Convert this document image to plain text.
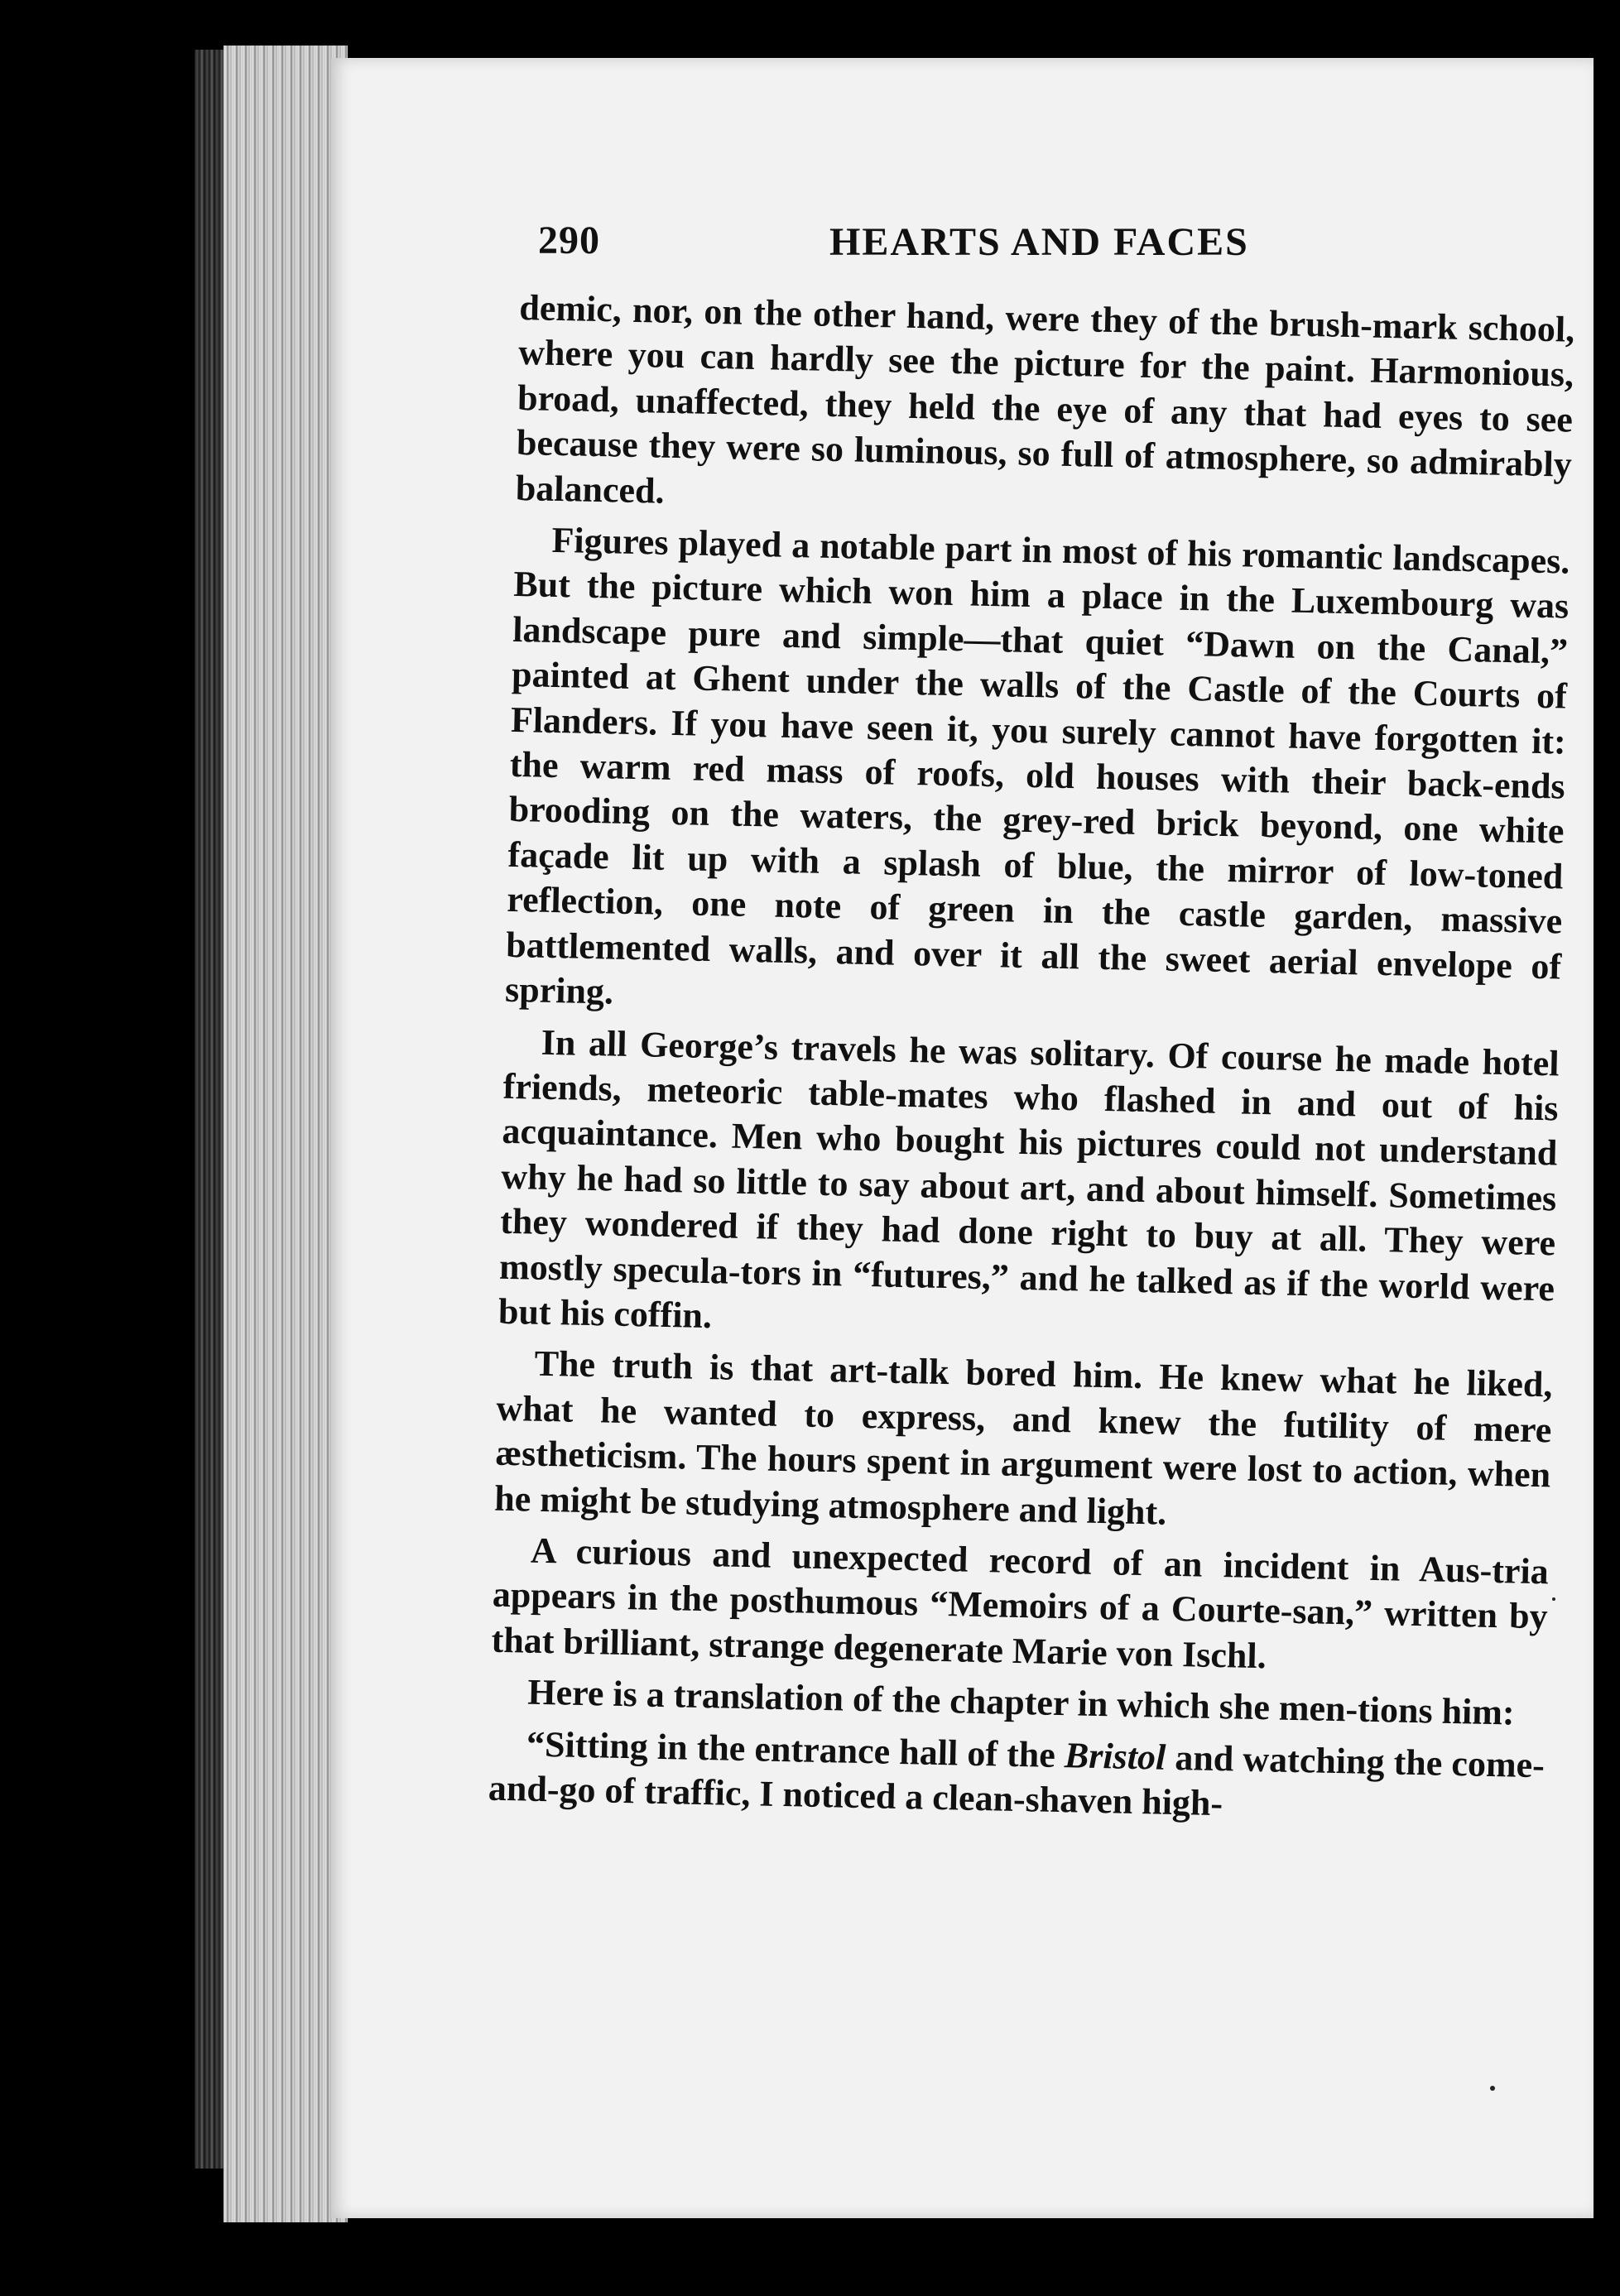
290	HEARTS AND FACES

demic, nor, on the other hand, were they of the brush-mark school, where you can hardly see the picture for the paint. Harmonious, broad, unaffected, they held the eye of any that had eyes to see because they were so luminous, so full of atmosphere, so admirably balanced.

Figures played a notable part in most of his romantic landscapes. But the picture which won him a place in the Luxembourg was landscape pure and simple—that quiet “Dawn on the Canal,” painted at Ghent under the walls of the Castle of the Courts of Flanders. If you have seen it, you surely cannot have forgotten it: the warm red mass of roofs, old houses with their back-ends brooding on the waters, the grey-red brick beyond, one white façade lit up with a splash of blue, the mirror of low-toned reflection, one note of green in the castle garden, massive battlemented walls, and over it all the sweet aerial envelope of spring.

In all George’s travels he was solitary. Of course he made hotel friends, meteoric table-mates who flashed in and out of his acquaintance. Men who bought his pictures could not understand why he had so little to say about art, and about himself. Sometimes they wondered if they had done right to buy at all. They were mostly specula-tors in “futures,” and he talked as if the world were but his coffin.

The truth is that art-talk bored him. He knew what he liked, what he wanted to express, and knew the futility of mere æstheticism. The hours spent in argument were lost to action, when he might be studying atmosphere and light.

A curious and unexpected record of an incident in Aus-tria appears in the posthumous “Memoirs of a Courte-san,” written by that brilliant, strange degenerate Marie von Ischl.

Here is a translation of the chapter in which she men-tions him:

“Sitting in the entrance hall of the Bristol and watching the come-and-go of traffic, I noticed a clean-shaven high-
